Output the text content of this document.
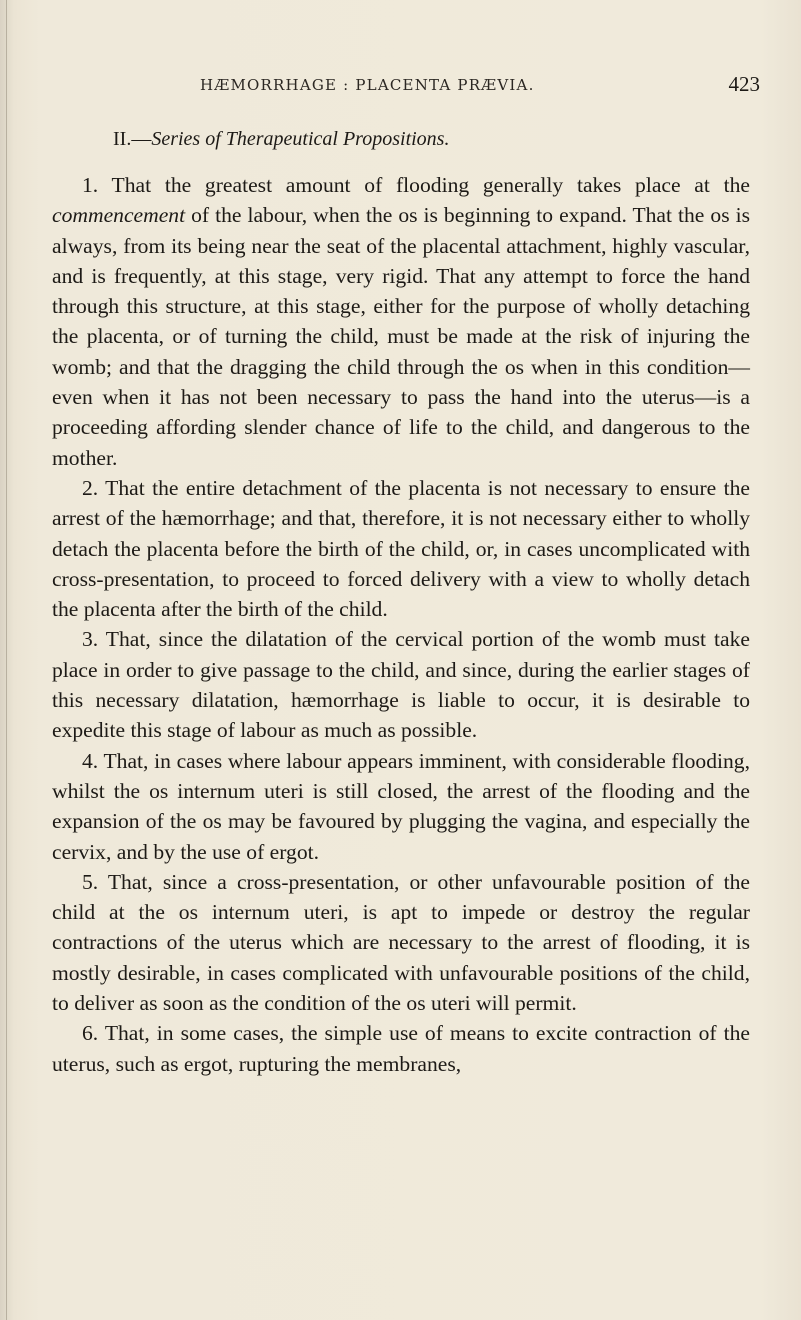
HÆMORRHAGE : PLACENTA PRÆVIA.	423
II.—Series of Therapeutical Propositions.

1. That the greatest amount of flooding generally takes place at the commencement of the labour, when the os is beginning to expand. That the os is always, from its being near the seat of the placental attachment, highly vascular, and is frequently, at this stage, very rigid. That any attempt to force the hand through this structure, at this stage, either for the purpose of wholly detaching the placenta, or of turning the child, must be made at the risk of injuring the womb; and that the dragging the child through the os when in this condition—even when it has not been necessary to pass the hand into the uterus—is a proceeding affording slender chance of life to the child, and dangerous to the mother.

2. That the entire detachment of the placenta is not necessary to ensure the arrest of the hæmorrhage; and that, therefore, it is not necessary either to wholly detach the placenta before the birth of the child, or, in cases uncomplicated with cross-presentation, to proceed to forced delivery with a view to wholly detach the placenta after the birth of the child.

3. That, since the dilatation of the cervical portion of the womb must take place in order to give passage to the child, and since, during the earlier stages of this necessary dilatation, hæmorrhage is liable to occur, it is desirable to expedite this stage of labour as much as possible.

4. That, in cases where labour appears imminent, with considerable flooding, whilst the os internum uteri is still closed, the arrest of the flooding and the expansion of the os may be favoured by plugging the vagina, and especially the cervix, and by the use of ergot.

5. That, since a cross-presentation, or other unfavourable position of the child at the os internum uteri, is apt to impede or destroy the regular contractions of the uterus which are necessary to the arrest of flooding, it is mostly desirable, in cases complicated with unfavourable positions of the child, to deliver as soon as the condition of the os uteri will permit.

6. That, in some cases, the simple use of means to excite contraction of the uterus, such as ergot, rupturing the membranes,
